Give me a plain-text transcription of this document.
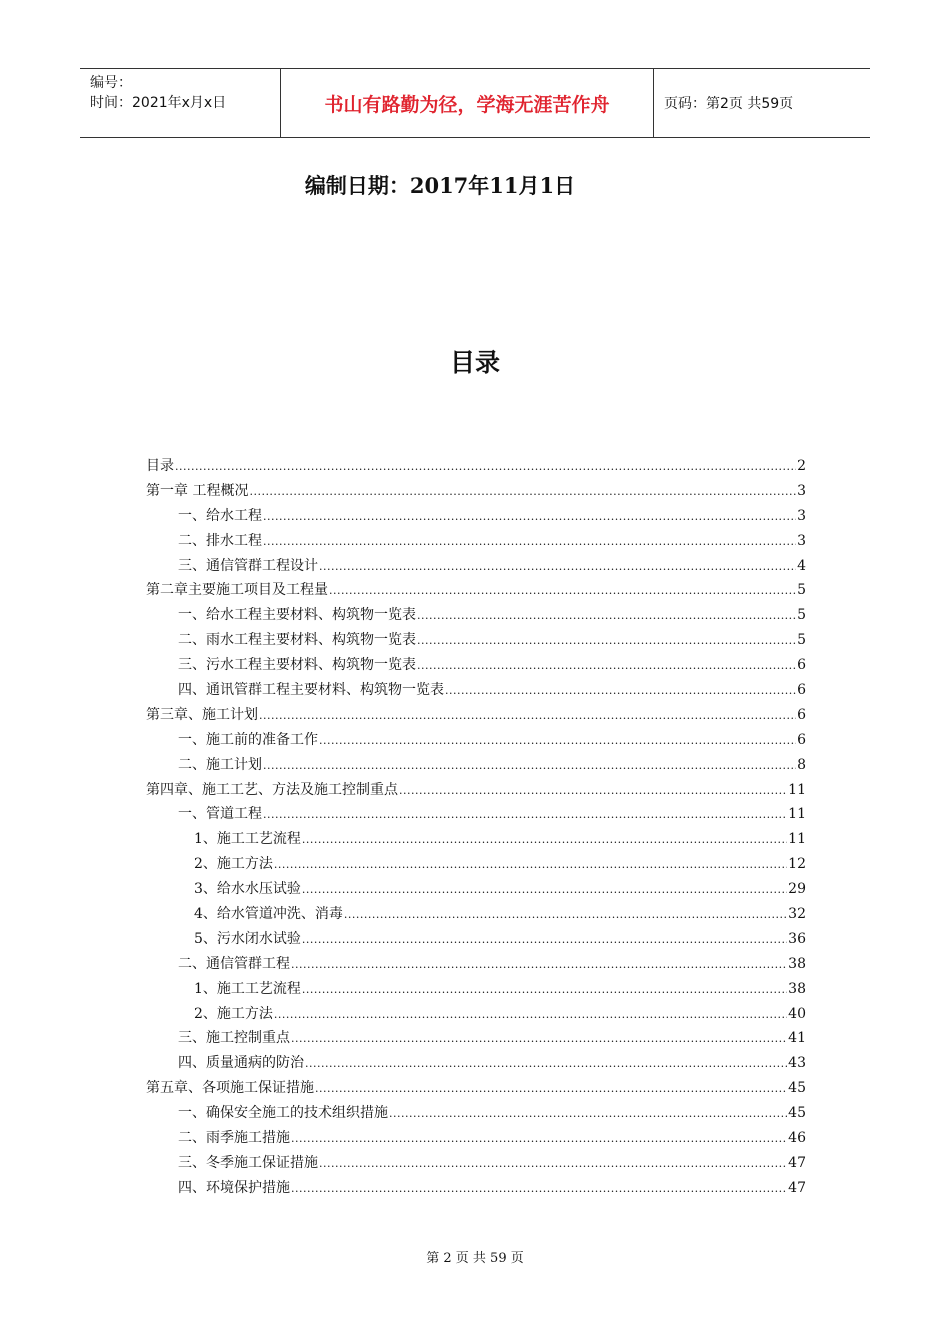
编号：
时间：2021年x月x日	书山有路勤为径，学海无涯苦作舟	页码：第2页 共59页
编制日期：2017年11月1日
目录
目录 .....	2
第一章 工程概况 .....	3
一、给水工程 .....	3
二、排水工程 .....	3
三、通信管群工程设计 .....	4
第二章主要施工项目及工程量 .....	5
一、给水工程主要材料、构筑物一览表 .....	5
二、雨水工程主要材料、构筑物一览表 .....	5
三、污水工程主要材料、构筑物一览表 .....	6
四、通讯管群工程主要材料、构筑物一览表 .....	6
第三章、施工计划 .....	6
一、施工前的准备工作 .....	6
二、施工计划 .....	8
第四章、施工工艺、方法及施工控制重点 .....	11
一、管道工程 .....	11
1、施工工艺流程 .....	11
2、施工方法 .....	12
3、给水水压试验 .....	29
4、给水管道冲洗、消毒 .....	32
5、污水闭水试验 .....	36
二、通信管群工程 .....	38
1、施工工艺流程 .....	38
2、施工方法 .....	40
三、施工控制重点 .....	41
四、质量通病的防治 .....	43
第五章、各项施工保证措施 .....	45
一、确保安全施工的技术组织措施 .....	45
二、雨季施工措施 .....	46
三、冬季施工保证措施 .....	47
四、环境保护措施 .....	47
第 2 页 共 59 页
